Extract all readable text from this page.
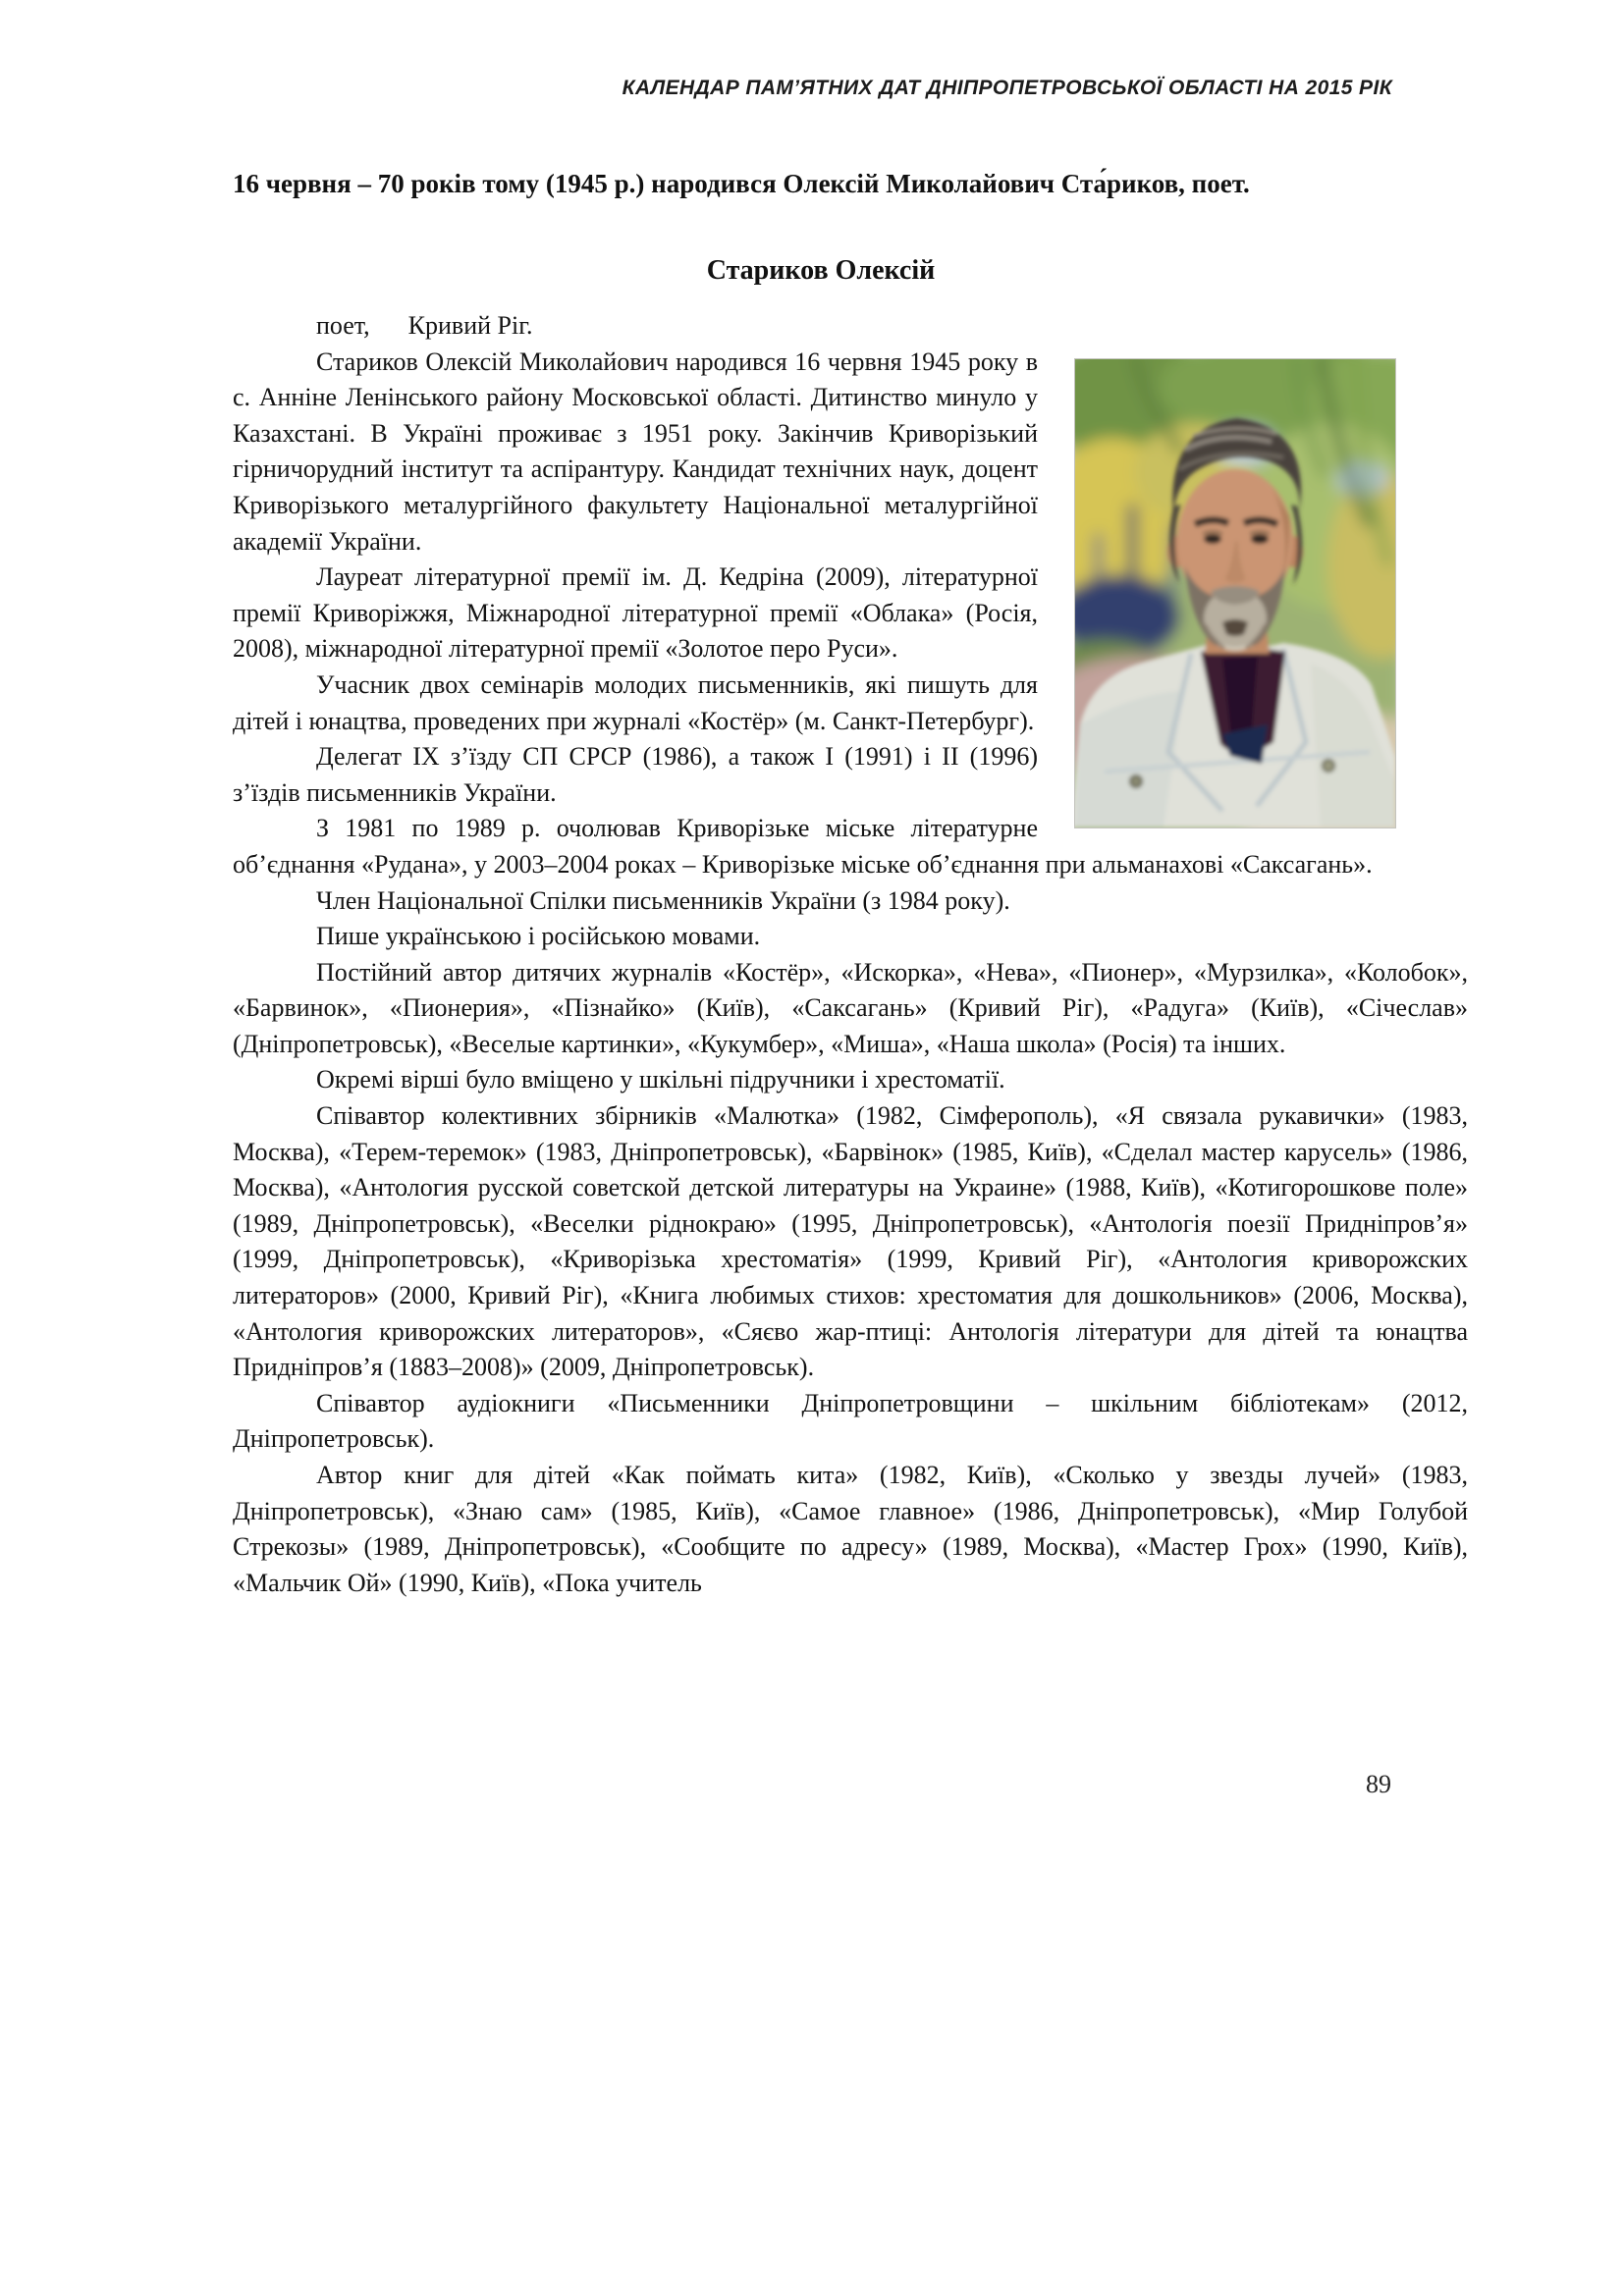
КАЛЕНДАР ПАМ’ЯТНИХ ДАТ ДНІПРОПЕТРОВСЬКОЇ ОБЛАСТІ НА 2015 РІК
16 червня – 70 років тому (1945 р.) народився Олексій Миколайович Ста́риков, поет.
Стариков Олексій

поет,  Кривий Ріг.

Стариков Олексій Миколайович народився 16 червня 1945 року в с. Анніне Ленінського району Московської області. Дитинство минуло у Казахстані. В Україні проживає з 1951 року. Закінчив Криворізький гірничорудний інститут та аспірантуру. Кандидат технічних наук, доцент Криворізького металургійного факультету Національної металургійної академії України.

Лауреат літературної премії ім. Д. Кедріна (2009), літературної премії Криворіжжя, Міжнародної літературної премії «Облака» (Росія, 2008), міжнародної літературної премії «Золотое перо Руси».

Учасник двох семінарів молодих письменників, які пишуть для дітей і юнацтва, проведених при журналі «Костёр» (м. Санкт-Петербург).

Делегат IX з’їзду СП СРСР (1986), а також I (1991) і II (1996) з’їздів письменників України.

З 1981 по 1989 р. очолював Криворізьке міське літературне об’єднання «Рудана», у 2003–2004 роках – Криворізьке міське об’єднання при альманахові «Саксагань».

Член Національної Спілки письменників України (з 1984 року).

Пише українською і російською мовами.

Постійний автор дитячих журналів «Костёр», «Искорка», «Нева», «Пионер», «Мурзилка», «Колобок», «Барвинок», «Пионерия», «Пізнайко» (Київ), «Саксагань» (Кривий Ріг), «Радуга» (Київ), «Січеслав» (Дніпропетровськ), «Веселые картинки», «Кукумбер», «Миша», «Наша школа» (Росія) та інших.

Окремі вірші було вміщено у шкільні підручники і хрестоматії.

Співавтор колективних збірників «Малютка» (1982, Сімферополь), «Я связала рукавички» (1983, Москва), «Терем-теремок» (1983, Дніпропетровськ), «Барвінок» (1985, Київ), «Сделал мастер карусель» (1986, Москва), «Антология русской советской детской литературы на Украине» (1988, Київ), «Котигорошкове поле» (1989, Дніпропетровськ), «Веселки ріднокраю» (1995, Дніпропетровськ), «Антологія поезії Придніпров’я» (1999, Дніпропетровськ), «Криворізька хрестоматія» (1999, Кривий Ріг), «Антология криворожских литераторов» (2000, Кривий Ріг), «Книга любимых стихов: хрестоматия для дошкольников» (2006, Москва), «Антология криворожских литераторов», «Сяєво жар-птиці: Антологія літератури для дітей та юнацтва Придніпров’я (1883–2008)» (2009, Дніпропетровськ).

Співавтор аудіокниги «Письменники Дніпропетровщини – шкільним бібліотекам» (2012, Дніпропетровськ).

Автор книг для дітей «Как поймать кита» (1982, Київ), «Сколько у звезды лучей» (1983, Дніпропетровськ), «Знаю сам» (1985, Київ), «Самое главное» (1986, Дніпропетровськ), «Мир Голубой Стрекозы» (1989, Дніпропетровськ), «Сообщите по адресу» (1989, Москва), «Мастер Грох» (1990, Київ), «Мальчик Ой» (1990, Київ), «Пока учитель

89
